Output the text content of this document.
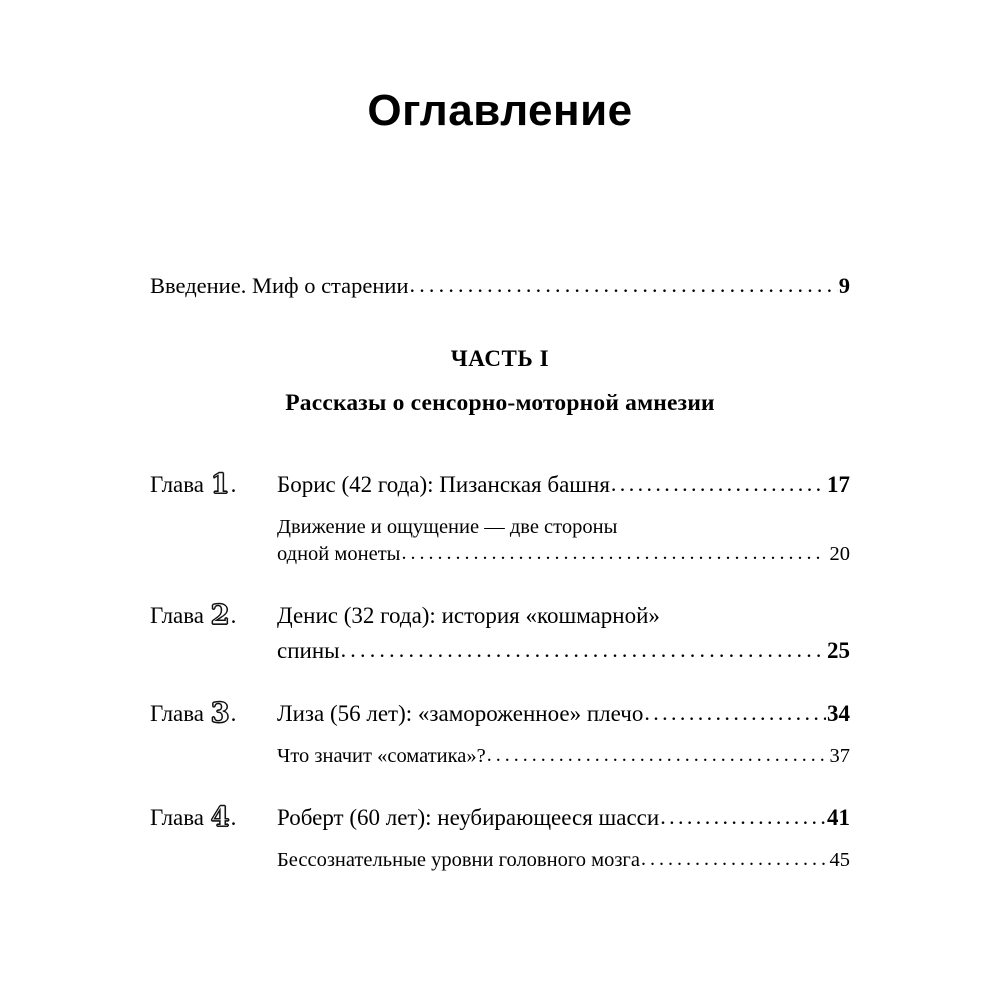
Оглавление
Введение. Миф о старении .....	9
ЧАСТЬ I
Рассказы о сенсорно-моторной амнезии
Глава 1.	Борис (42 года): Пизанская башня .....	17
Движение и ощущение — две стороны
одной монеты .....	20
Глава 2.	Денис (32 года): история «кошмарной»
спины .....	25
Глава 3.	Лиза (56 лет): «замороженное» плечо .....	34
Что значит «соматика»? .....	37
Глава 4.	Роберт (60 лет): неубирающееся шасси .....	41
Бессознательные уровни головного мозга .....	45
